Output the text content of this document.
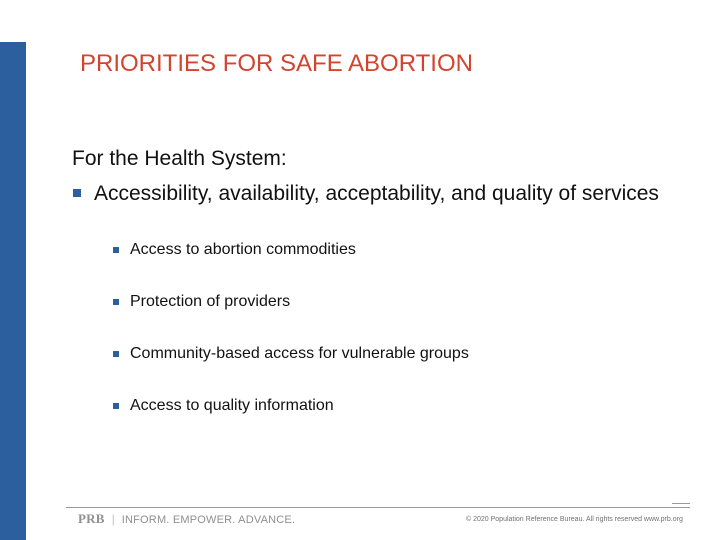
PRIORITIES FOR SAFE ABORTION
For the Health System:
Accessibility, availability, acceptability, and quality of services
Access to abortion commodities
Protection of providers
Community-based access for vulnerable groups
Access to quality information
PRB | INFORM. EMPOWER. ADVANCE.	© 2020 Population Reference Bureau. All rights reserved www.prb.org
